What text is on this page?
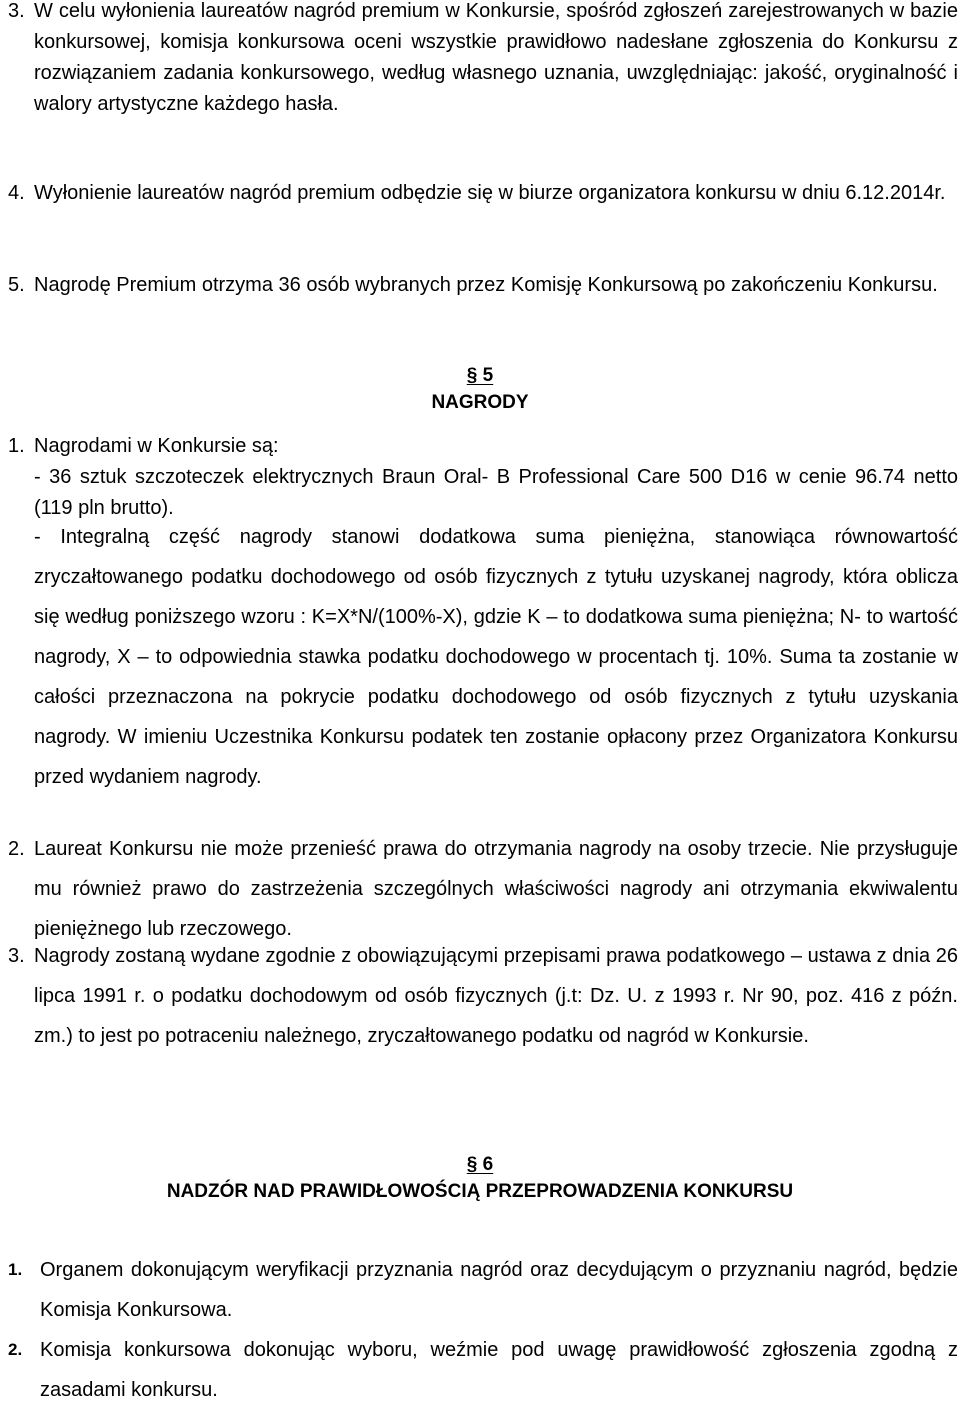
3. W celu wyłonienia laureatów nagród premium w Konkursie, spośród zgłoszeń zarejestrowanych w bazie konkursowej, komisja konkursowa oceni wszystkie prawidłowo nadesłane zgłoszenia do Konkursu z rozwiązaniem zadania konkursowego, według własnego uznania, uwzględniając: jakość, oryginalność i walory artystyczne każdego hasła.
4. Wyłonienie laureatów nagród premium odbędzie się w biurze organizatora konkursu w dniu 6.12.2014r.
5. Nagrodę Premium otrzyma 36 osób wybranych przez Komisję Konkursową po zakończeniu Konkursu.
§ 5
NAGRODY
1. Nagrodami w Konkursie są:
- 36 sztuk szczoteczek elektrycznych Braun Oral- B Professional Care 500 D16 w cenie 96.74 netto (119 pln brutto).
- Integralną część nagrody stanowi dodatkowa suma pieniężna, stanowiąca równowartość zryczałtowanego podatku dochodowego od osób fizycznych z tytułu uzyskanej nagrody, która oblicza się według poniższego wzoru : K=X*N/(100%-X), gdzie K – to dodatkowa suma pieniężna; N- to wartość nagrody, X – to odpowiednia stawka podatku dochodowego w procentach tj. 10%. Suma ta zostanie w całości przeznaczona na pokrycie podatku dochodowego od osób fizycznych z tytułu uzyskania nagrody. W imieniu Uczestnika Konkursu podatek ten zostanie opłacony przez Organizatora Konkursu przed wydaniem nagrody.
2. Laureat Konkursu nie może przenieść prawa do otrzymania nagrody na osoby trzecie. Nie przysługuje mu również prawo do zastrzeżenia szczególnych właściwości nagrody ani otrzymania ekwiwalentu pieniężnego lub rzeczowego.
3. Nagrody zostaną wydane zgodnie z obowiązującymi przepisami prawa podatkowego – ustawa z dnia 26 lipca 1991 r. o podatku dochodowym od osób fizycznych (j.t: Dz. U. z 1993 r. Nr 90, poz. 416 z późn. zm.) to jest po potraceniu należnego, zryczałtowanego podatku od nagród w Konkursie.
§ 6
NADZÓR NAD PRAWIDŁOWOŚCIĄ PRZEPROWADZENIA KONKURSU
1. Organem dokonującym weryfikacji przyznania nagród oraz decydującym o przyznaniu nagród, będzie Komisja Konkursowa.
2. Komisja konkursowa dokonując wyboru, weźmie pod uwagę prawidłowość zgłoszenia zgodną z zasadami konkursu.
